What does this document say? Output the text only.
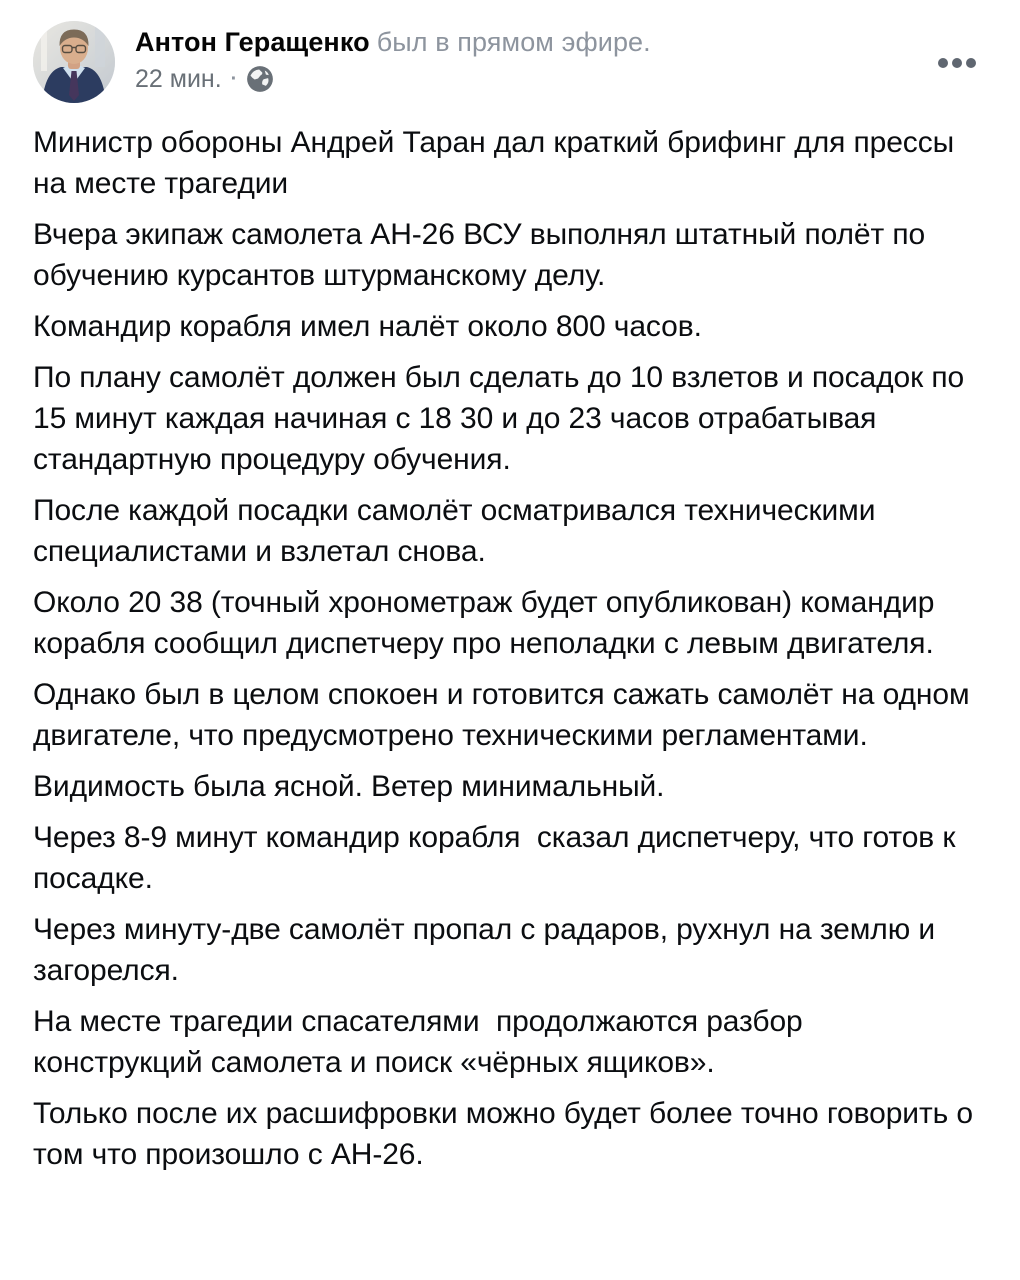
Антон Геращенко был в прямом эфире.
22 мин. ·

Министр обороны Андрей Таран дал краткий брифинг для прессы на месте трагедии

Вчера экипаж самолета АН-26 ВСУ выполнял штатный полёт по обучению курсантов штурманскому делу.

Командир корабля имел налёт около 800 часов.

По плану самолёт должен был сделать до 10 взлетов и посадок по 15 минут каждая начиная с 18 30 и до 23 часов отрабатывая стандартную процедуру обучения.

После каждой посадки самолёт осматривался техническими специалистами и взлетал снова.

Около 20 38 (точный хронометраж будет опубликован) командир корабля сообщил диспетчеру про неполадки с левым двигателя.

Однако был в целом спокоен и готовится сажать самолёт на одном двигателе, что предусмотрено техническими регламентами.

Видимость была ясной. Ветер минимальный.

Через 8-9 минут командир корабля  сказал диспетчеру, что готов к посадке.

Через минуту-две самолёт пропал с радаров, рухнул на землю и загорелся.

На месте трагедии спасателями  продолжаются разбор конструкций самолета и поиск «чёрных ящиков».

Только после их расшифровки можно будет более точно говорить о том что произошло с АН-26.
